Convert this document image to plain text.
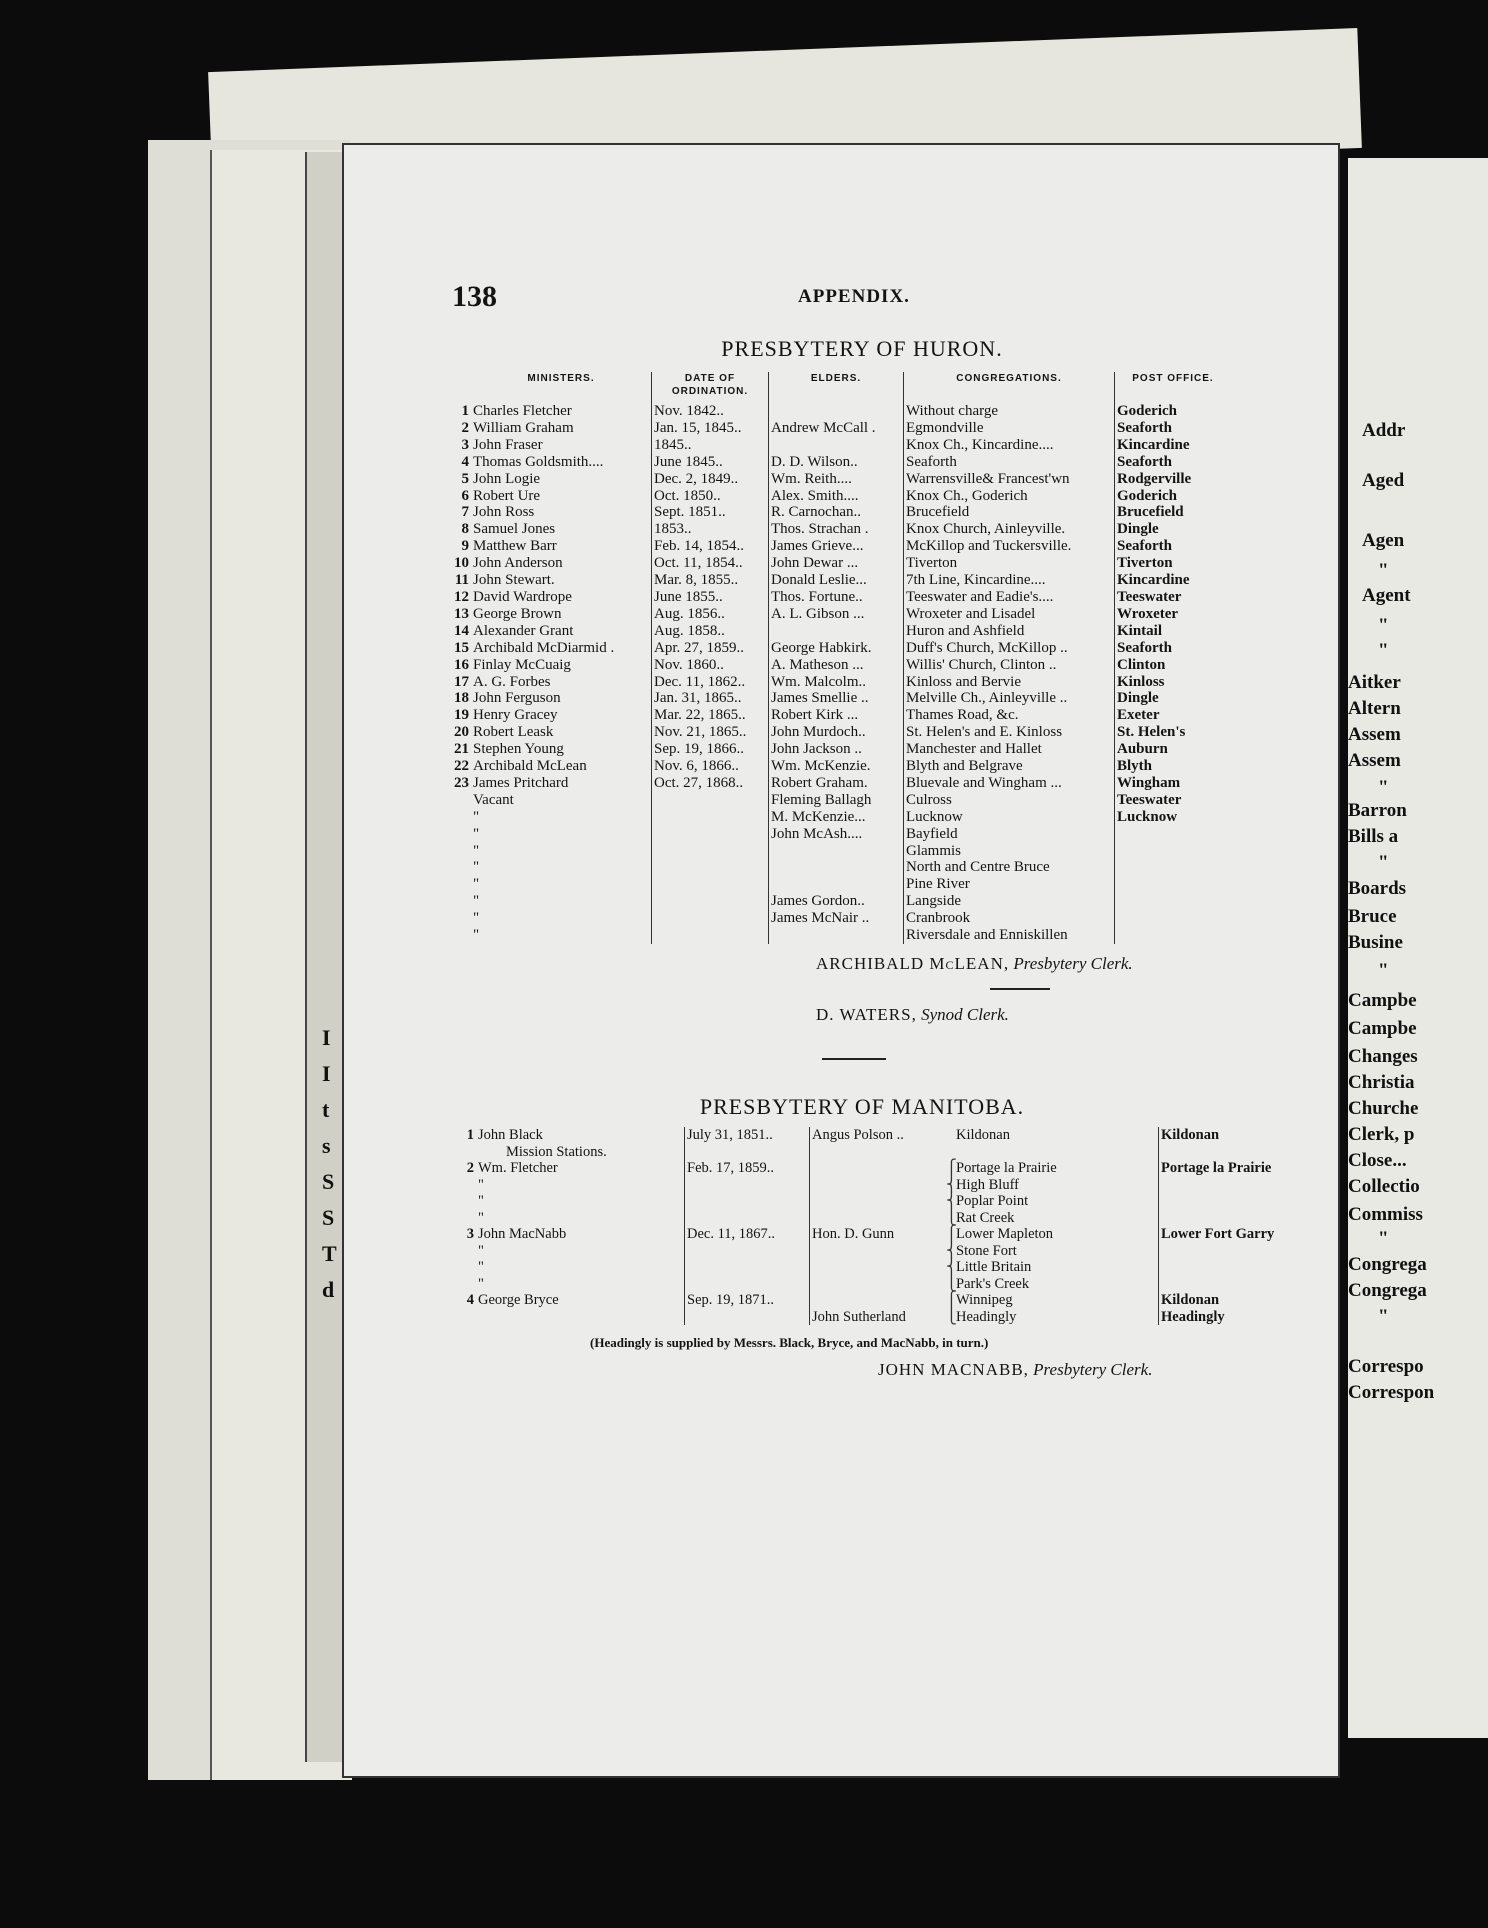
I
I
t
s
S
S
T
d
Addr
Aged
Agen
"
Agent
"
"
Aitker
Altern
Assem
Assem
"
Barron
Bills a
"
Boards
Bruce
Busine
"
Campbe
Campbe
Changes
Christia
Churche
Clerk, p
Close...
Collectio
Commiss
"
Congrega
Congrega
"
Correspo
Correspon
138	APPENDIX.
PRESBYTERY OF HURON.
	MINISTERS.	DATE OF ORDINATION.	ELDERS.	CONGREGATIONS.	POST OFFICE.
1	Charles Fletcher	Nov. 1842..		Without charge	Goderich
2	William Graham	Jan. 15, 1845..	Andrew McCall .	Egmondville	Seaforth
3	John Fraser	1845..		Knox Ch., Kincardine....	Kincardine
4	Thomas Goldsmith....	June 1845..	D. D. Wilson..	Seaforth	Seaforth
5	John Logie	Dec. 2, 1849..	Wm. Reith....	Warrensville& Francest'wn	Rodgerville
6	Robert Ure	Oct. 1850..	Alex. Smith....	Knox Ch., Goderich	Goderich
7	John Ross	Sept. 1851..	R. Carnochan..	Brucefield	Brucefield
8	Samuel Jones	1853..	Thos. Strachan .	Knox Church, Ainleyville.	Dingle
9	Matthew Barr	Feb. 14, 1854..	James Grieve...	McKillop and Tuckersville.	Seaforth
10	John Anderson	Oct. 11, 1854..	John Dewar ...	Tiverton	Tiverton
11	John Stewart.	Mar. 8, 1855..	Donald Leslie...	7th Line, Kincardine....	Kincardine
12	David Wardrope	June 1855..	Thos. Fortune..	Teeswater and Eadie's....	Teeswater
13	George Brown	Aug. 1856..	A. L. Gibson ...	Wroxeter and Lisadel	Wroxeter
14	Alexander Grant	Aug. 1858..		Huron and Ashfield	Kintail
15	Archibald McDiarmid .	Apr. 27, 1859..	George Habkirk.	Duff's Church, McKillop ..	Seaforth
16	Finlay McCuaig	Nov. 1860..	A. Matheson ...	Willis' Church, Clinton ..	Clinton
17	A. G. Forbes	Dec. 11, 1862..	Wm. Malcolm..	Kinloss and Bervie	Kinloss
18	John Ferguson	Jan. 31, 1865..	James Smellie ..	Melville Ch., Ainleyville ..	Dingle
19	Henry Gracey	Mar. 22, 1865..	Robert Kirk ...	Thames Road, &c.	Exeter
20	Robert Leask	Nov. 21, 1865..	John Murdoch..	St. Helen's and E. Kinloss	St. Helen's
21	Stephen Young	Sep. 19, 1866..	John Jackson ..	Manchester and Hallet	Auburn
22	Archibald McLean	Nov. 6, 1866..	Wm. McKenzie.	Blyth and Belgrave	Blyth
23	James Pritchard	Oct. 27, 1868..	Robert Graham.	Bluevale and Wingham ...	Wingham
	Vacant		Fleming Ballagh	Culross	Teeswater
	"		M. McKenzie...	Lucknow	Lucknow
	"		John McAsh....	Bayfield	
	"			Glammis	
	"			North and Centre Bruce	
	"			Pine River	
	"		James Gordon..	Langside	
	"		James McNair ..	Cranbrook	
	"			Riversdale and Enniskillen	
ARCHIBALD McLEAN, Presbytery Clerk.
D. WATERS, Synod Clerk.
PRESBYTERY OF MANITOBA.
1	John Black	July 31, 1851..	Angus Polson ..	Kildonan	Kildonan
	Mission Stations.				
2	Wm. Fletcher	Feb. 17, 1859..		⎧Portage la Prairie	Portage la Prairie
	"			⎨High Bluff	
	"			⎨Poplar Point	
	"			⎩Rat Creek	
3	John MacNabb	Dec. 11, 1867..	Hon. D. Gunn	⎧Lower Mapleton	Lower Fort Garry
	"			⎨Stone Fort	
	"			⎨Little Britain	
	"			⎩Park's Creek	
4	George Bryce	Sep. 19, 1871..		⎧Winnipeg	Kildonan
			John Sutherland	⎩Headingly	Headingly
(Headingly is supplied by Messrs. Black, Bryce, and MacNabb, in turn.)
JOHN MACNABB, Presbytery Clerk.
